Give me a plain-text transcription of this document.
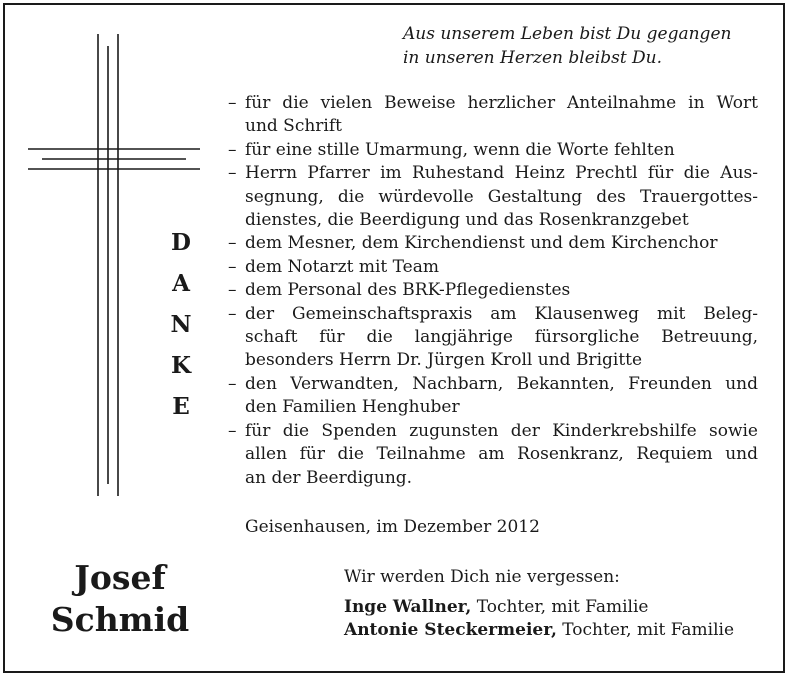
D
A
N
K
E
Aus unserem Leben bist Du gegangen
in unseren Herzen bleibst Du.
– für die vielen Beweise herzlicher Anteilnahme in Wort
und Schrift
– für eine stille Umarmung, wenn die Worte fehlten
– Herrn Pfarrer im Ruhestand Heinz Prechtl für die Aus-
segnung, die würdevolle Gestaltung des Trauergottes-
dienstes, die Beerdigung und das Rosenkranzgebet
– dem Mesner, dem Kirchendienst und dem Kirchenchor
– dem Notarzt mit Team
– dem Personal des BRK-Pflegedienstes
– der Gemeinschaftspraxis am Klausenweg mit Beleg-
schaft für die langjährige fürsorgliche Betreuung,
besonders Herrn Dr. Jürgen Kroll und Brigitte
– den Verwandten, Nachbarn, Bekannten, Freunden und
den Familien Henghuber
– für die Spenden zugunsten der Kinderkrebshilfe sowie
allen für die Teilnahme am Rosenkranz, Requiem und
an der Beerdigung.
Geisenhausen, im Dezember 2012
Josef
Schmid
Wir werden Dich nie vergessen:
Inge Wallner, Tochter, mit Familie
Antonie Steckermeier, Tochter, mit Familie
